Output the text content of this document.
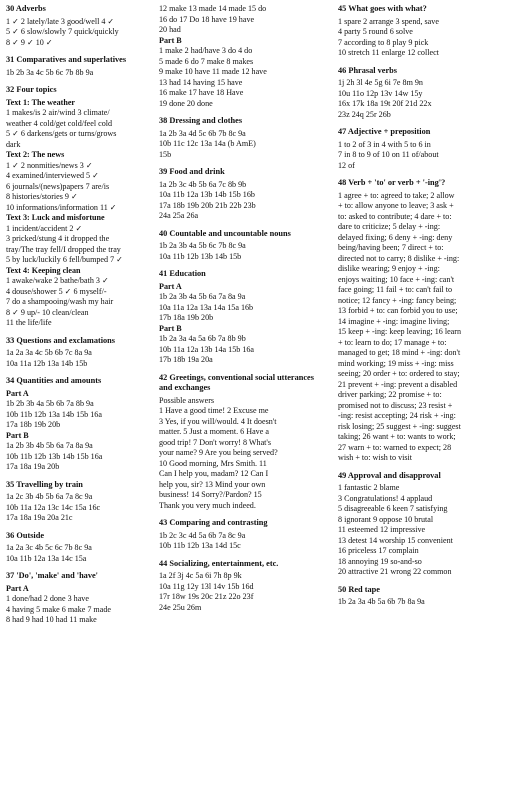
30 Adverbs
1 ✓ 2 lately/late 3 good/well 4 ✓
5 ✓ 6 slow/slowly 7 quick/quickly
8 ✓ 9 ✓ 10 ✓
31 Comparatives and superlatives
1b 2b 3a 4c 5b 6c 7b 8b 9a
32 Four topics
Text 1: The weather
1 makes/is 2 air/wind 3 climate/
weather 4 cold/get cold/feel cold
5 ✓ 6 darkens/gets or turns/grows
dark
Text 2: The news
1 ✓ 2 nonmities/news 3 ✓
4 examined/interviewed 5 ✓
6 journals/(news)papers 7 are/is
8 histories/stories 9 ✓
10 informations/information 11 ✓
Text 3: Luck and misfortune
1 incident/accident 2 ✓
3 pricked/stung 4 it dropped the
tray/The tray fell/I dropped the tray
5 by luck/luckily 6 fell/bumped 7 ✓
Text 4: Keeping clean
1 awake/wake 2 bathe/bath 3 ✓
4 douse/shower 5 ✓ 6 myself/-
7 do a shampooing/wash my hair
8 ✓ 9 up/- 10 clean/clean
11 the life/life
33 Questions and exclamations
1a 2a 3a 4c 5b 6b 7c 8a 9a
10a 11a 12b 13a 14b 15b
34 Quantities and amounts
Part A
1b 2b 3b 4a 5b 6b 7a 8b 9a
10b 11b 12b 13a 14b 15b 16a
17a 18b 19b 20b
Part B
1a 2b 3b 4b 5b 6a 7a 8a 9a
10b 11b 12b 13b 14b 15b 16a
17a 18a 19a 20b
35 Travelling by train
1a 2c 3b 4b 5b 6a 7a 8c 9a
10b 11a 12a 13c 14c 15a 16c
17a 18a 19a 20a 21c
36 Outside
1a 2a 3c 4b 5c 6c 7b 8c 9a
10a 11b 12a 13a 14c 15a
37 'Do', 'make' and 'have'
Part A
1 done/had 2 done 3 have
4 having 5 make 6 make 7 made
8 had 9 had 10 had 11 make
12 make 13 made 14 made 15 do
16 do 17 Do 18 have 19 have
20 had
Part B
1 make 2 had/have 3 do 4 do
5 made 6 do 7 make 8 makes
9 make 10 have 11 made 12 have
13 had 14 having 15 have
16 make 17 have 18 Have
19 done 20 done
38 Dressing and clothes
1a 2b 3a 4d 5c 6b 7b 8c 9a
10b 11c 12c 13a 14a (b AmE)
15b
39 Food and drink
1a 2b 3c 4b 5b 6a 7c 8b 9b
10a 11b 12a 13b 14b 15b 16b
17a 18b 19b 20b 21b 22b 23b
24a 25a 26a
40 Countable and uncountable nouns
1b 2a 3b 4a 5b 6c 7b 8c 9a
10a 11b 12b 13b 14b 15b
41 Education
Part A
1b 2a 3b 4a 5b 6a 7a 8a 9a
10a 11a 12a 13a 14a 15a 16b
17b 18a 19b 20b
Part B
1b 2a 3a 4a 5a 6b 7a 8b 9b
10b 11a 12a 13b 14a 15b 16a
17b 18b 19a 20a
42 Greetings, conventional social utterances and exchanges
Possible answers
1 Have a good time! 2 Excuse me
3 Yes, if you will/would. 4 It doesn't
matter. 5 Just a moment. 6 Have a
good trip! 7 Don't worry! 8 What's
your name? 9 Are you being served?
10 Good morning, Mrs Smith. 11
Can I help you, madam? 12 Can I
help you, sir? 13 Mind your own
business! 14 Sorry?/Pardon? 15
Thank you very much indeed.
43 Comparing and contrasting
1b 2c 3c 4d 5a 6b 7a 8c 9a
10b 11b 12b 13a 14d 15c
44 Socializing, entertainment, etc.
1a 2f 3j 4c 5a 6i 7h 8p 9k
10a 11g 12y 13l 14v 15b 16d
17r 18w 19s 20c 21z 22o 23f
24e 25u 26m
45 What goes with what?
1 spare 2 arrange 3 spend, save
4 party 5 round 6 solve
7 according to 8 play 9 pick
10 stretch 11 enlarge 12 collect
46 Phrasal verbs
1j 2h 3l 4e 5g 6i 7e 8m 9n
10u 11o 12p 13v 14w 15y
16x 17k 18a 19t 20f 21d 22x
23z 24q 25r 26b
47 Adjective + preposition
1 to 2 of 3 in 4 with 5 to 6 in
7 in 8 to 9 of 10 on 11 of/about
12 of
48 Verb + 'to' or verb + '-ing'?
1 agree + to: agreed to take; 2 allow
+ to: allow anyone to leave; 3 ask +
to: asked to contribute; 4 dare + to:
dare to criticize; 5 delay + -ing:
delayed fixing; 6 deny + -ing: deny
being/having been; 7 direct + to:
directed not to carry; 8 dislike + -ing:
dislike wearing; 9 enjoy + -ing:
enjoys waiting; 10 face + -ing: can't
face going; 11 fail + to: can't fail to
notice; 12 fancy + -ing: fancy being;
13 forbid + to: can forbid you to use;
14 imagine + -ing: imagine living;
15 keep + -ing: keep leaving; 16 learn
+ to: learn to do; 17 manage + to:
managed to get; 18 mind + -ing: don't
mind working; 19 miss + -ing: miss
seeing; 20 order + to: ordered to stay;
21 prevent + -ing: prevent a disabled
driver parking; 22 promise + to:
promised not to discuss; 23 resist +
-ing: resist accepting; 24 risk + -ing:
risk losing; 25 suggest + -ing: suggest
taking; 26 want + to: wants to work;
27 warn + to: warned to expect; 28
wish + to: wish to visit
49 Approval and disapproval
1 fantastic 2 blame
3 Congratulations! 4 applaud
5 disagreeable 6 keen 7 satisfying
8 ignorant 9 oppose 10 brutal
11 esteemed 12 impressive
13 detest 14 worship 15 convenient
16 priceless 17 complain
18 annoying 19 so-and-so
20 attractive 21 wrong 22 common
50 Red tape
1b 2a 3a 4b 5a 6b 7b 8a 9a
